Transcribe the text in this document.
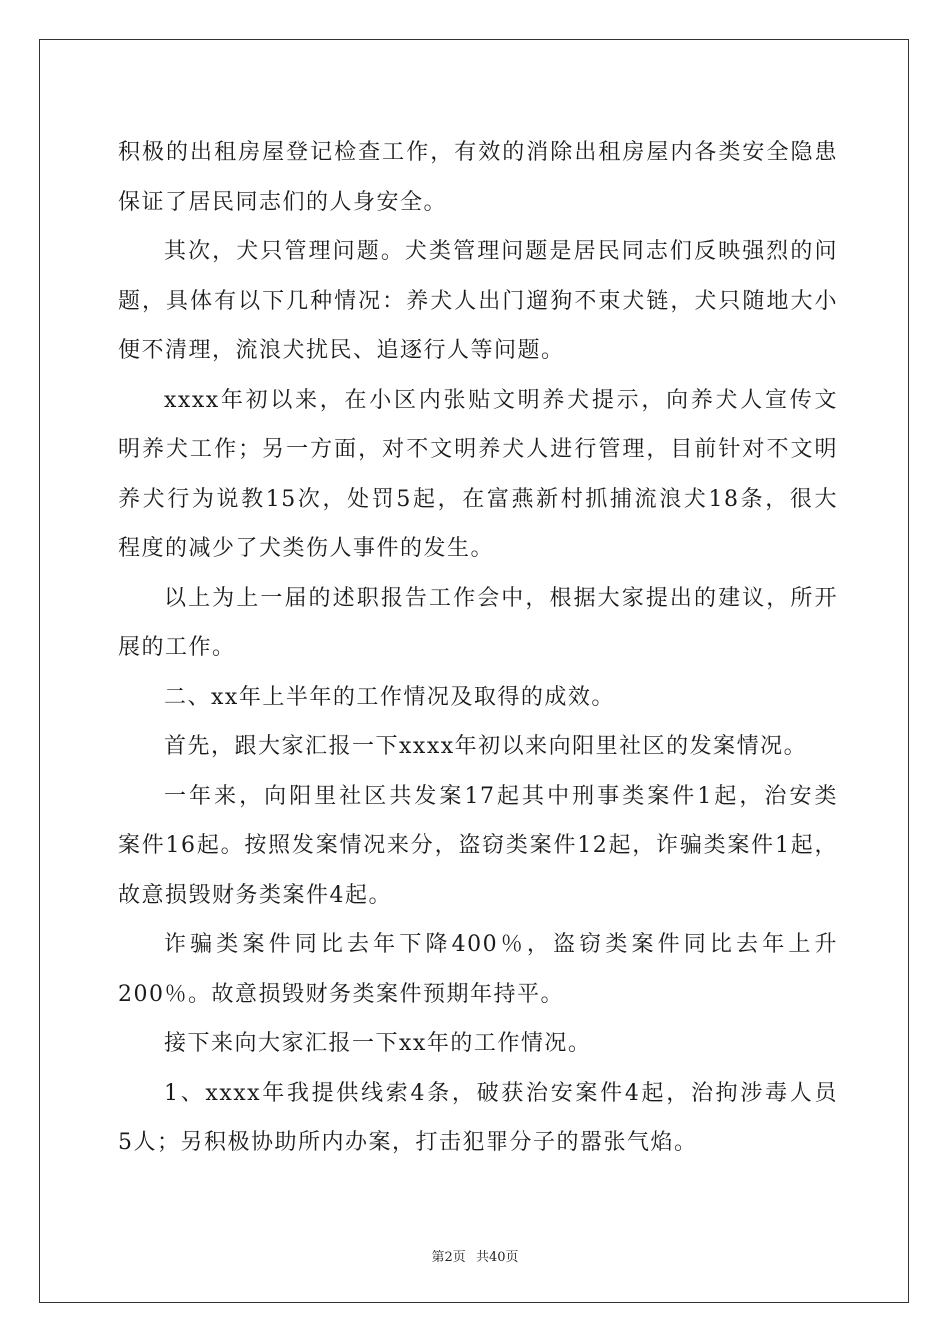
积极的出租房屋登记检查工作，有效的消除出租房屋内各类安全隐患
保证了居民同志们的人身安全。
其次，犬只管理问题。犬类管理问题是居民同志们反映强烈的问
题，具体有以下几种情况：养犬人出门遛狗不束犬链，犬只随地大小
便不清理，流浪犬扰民、追逐行人等问题。
xxxx年初以来，在小区内张贴文明养犬提示，向养犬人宣传文
明养犬工作；另一方面，对不文明养犬人进行管理，目前针对不文明
养犬行为说教15次，处罚5起，在富燕新村抓捕流浪犬18条，很大
程度的减少了犬类伤人事件的发生。
以上为上一届的述职报告工作会中，根据大家提出的建议，所开
展的工作。
二、xx年上半年的工作情况及取得的成效。
首先，跟大家汇报一下xxxx年初以来向阳里社区的发案情况。
一年来，向阳里社区共发案17起其中刑事类案件1起，治安类
案件16起。按照发案情况来分，盗窃类案件12起，诈骗类案件1起，
故意损毁财务类案件4起。
诈骗类案件同比去年下降400％，盗窃类案件同比去年上升
200％。故意损毁财务类案件预期年持平。
接下来向大家汇报一下xx年的工作情况。
1、xxxx年我提供线索4条，破获治安案件4起，治拘涉毒人员
5人；另积极协助所内办案，打击犯罪分子的嚣张气焰。
第2页 共40页
